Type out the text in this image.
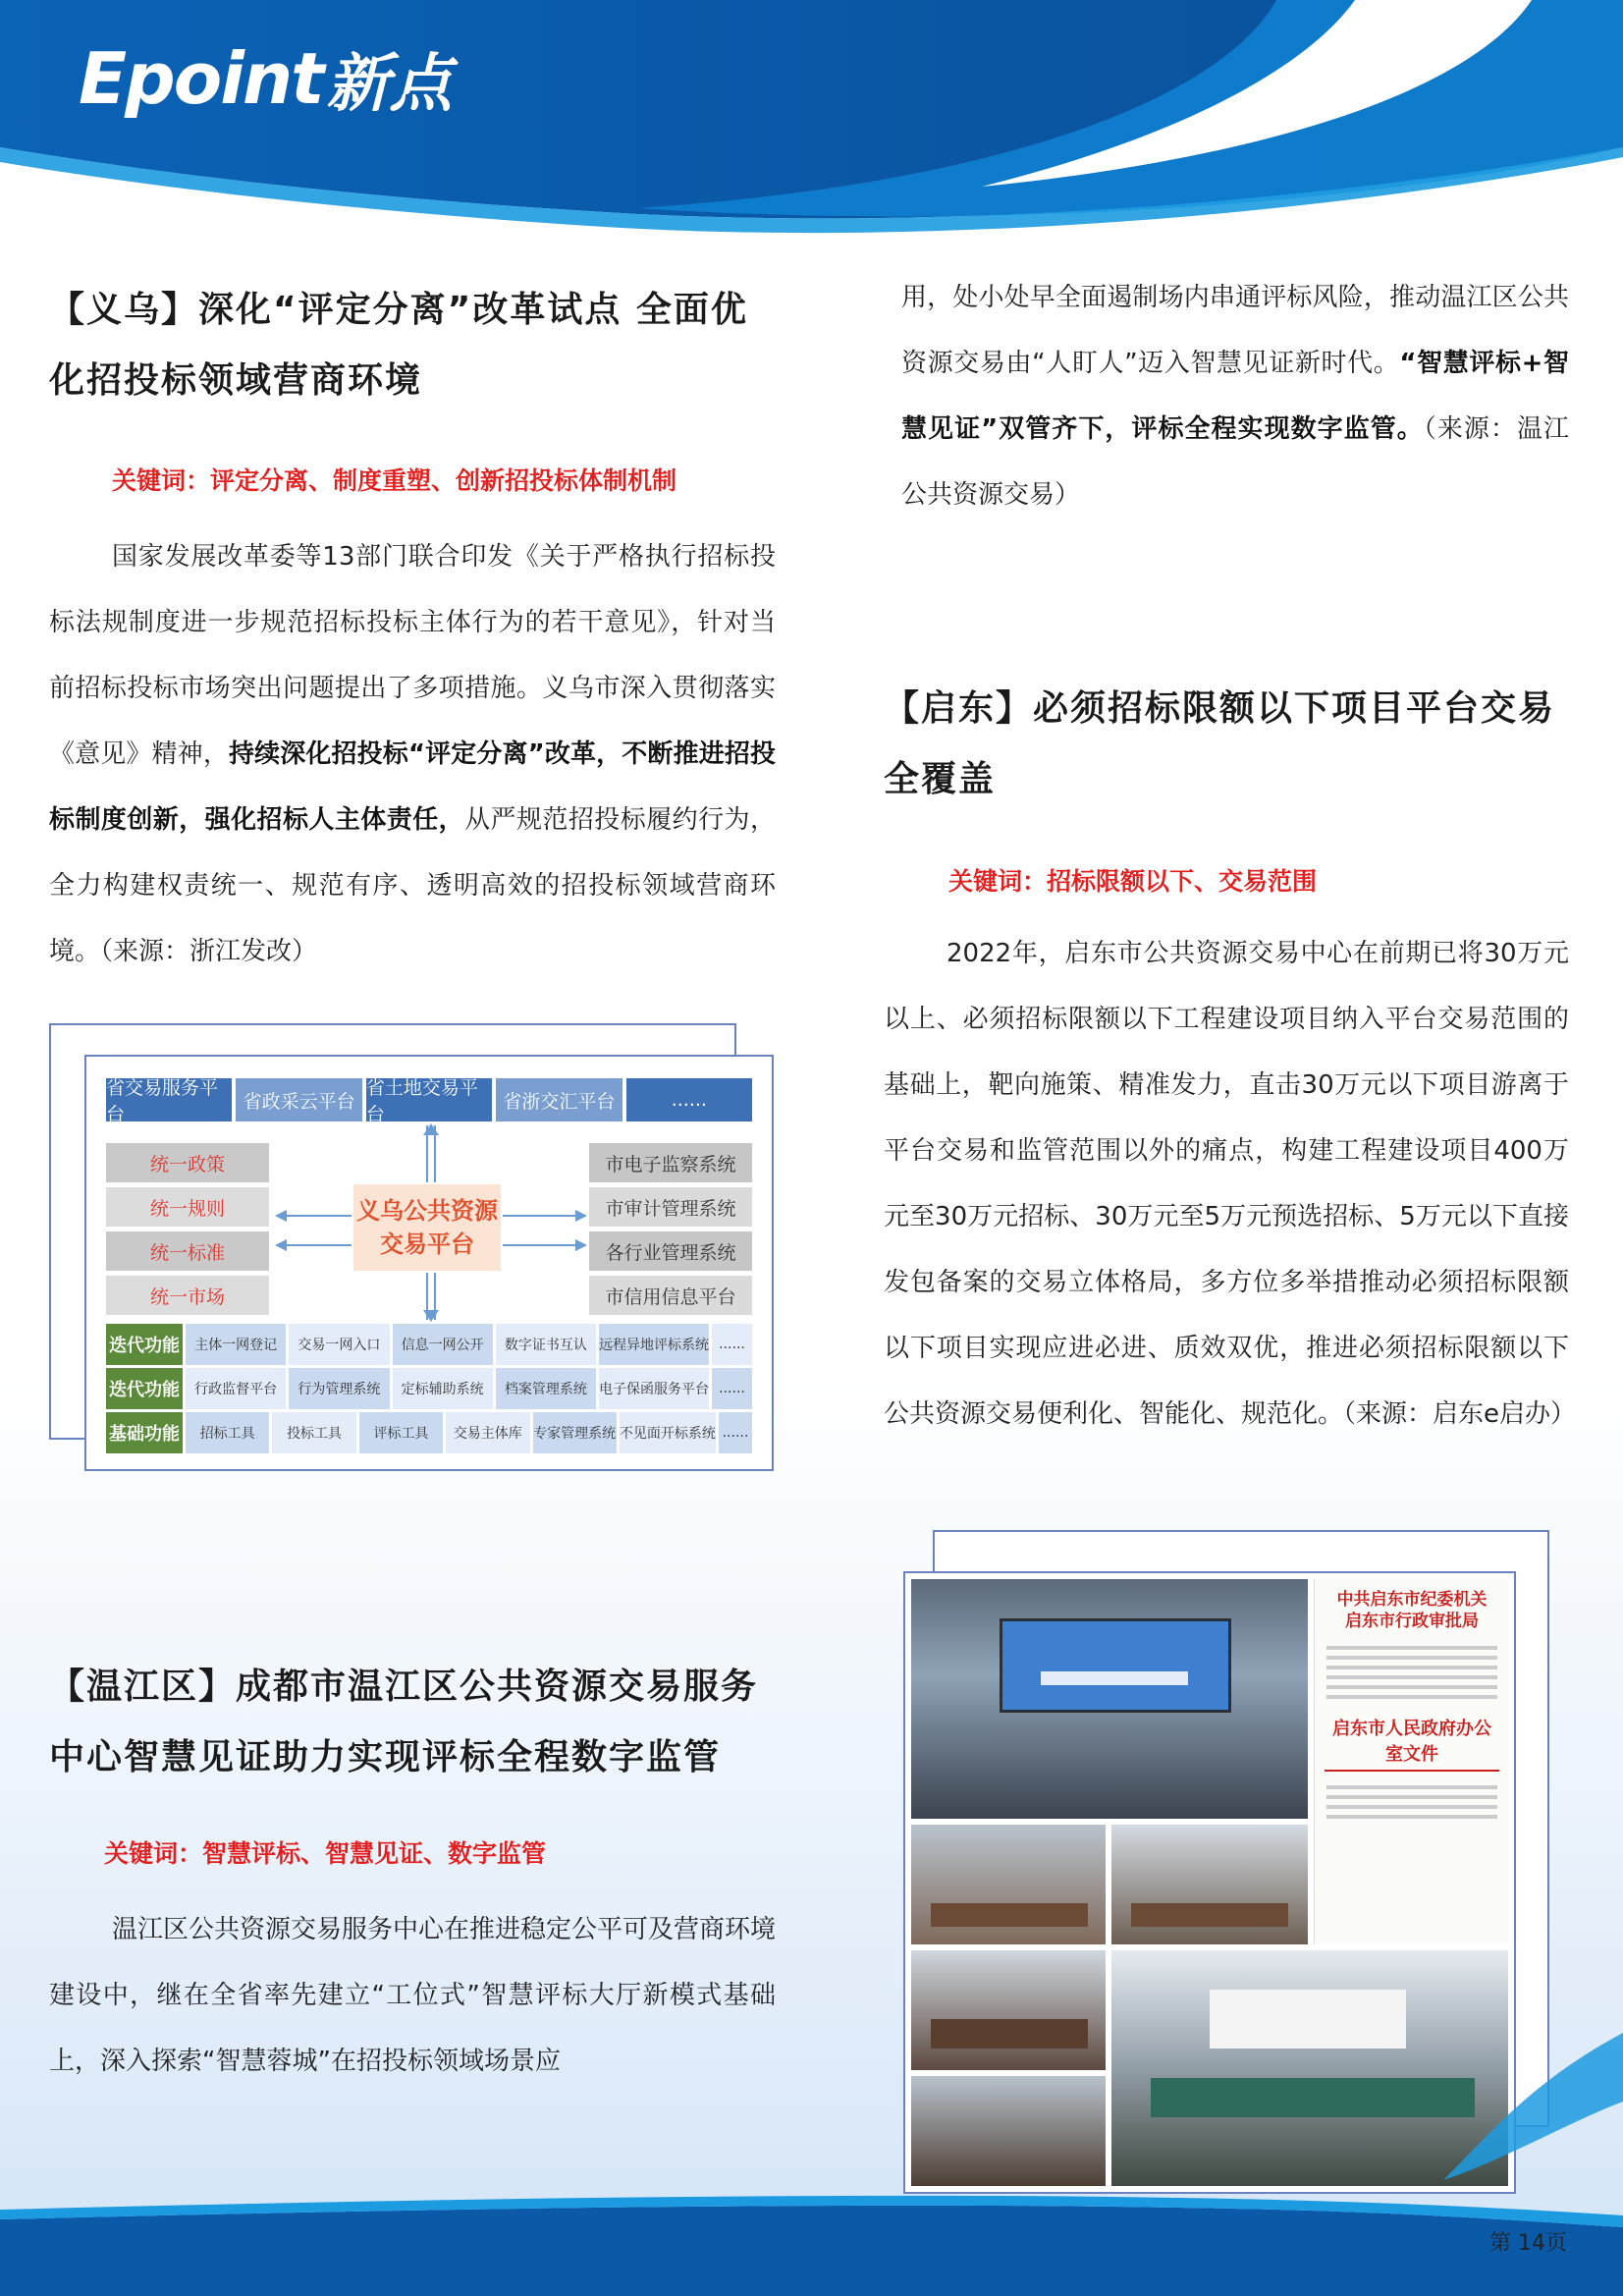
Epoint 新点
【义乌】深化“评定分离”改革试点 全面优化招投标领域营商环境

关键词：评定分离、制度重塑、创新招投标体制机制

国家发展改革委等13部门联合印发《关于严格执行招标投标法规制度进一步规范招标投标主体行为的若干意见》，针对当前招标投标市场突出问题提出了多项措施。义乌市深入贯彻落实《意见》精神，持续深化招投标“评定分离”改革，不断推进招投标制度创新，强化招标人主体责任，从严规范招投标履约行为，全力构建权责统一、规范有序、透明高效的招投标领域营商环境。（来源：浙江发改）

省交易服务平台
省政采云平台
省土地交易平台
省浙交汇平台	......
统一政策
统一规则
统一标准
统一市场
市电子监察系统
市审计管理系统
各行业管理系统
市信用信息平台
义乌公共资源
交易平台
迭代功能	主体一网登记	交易一网入口	信息一网公开	数字证书互认 远程异地评标系统 ......
迭代功能	行政监督平台	行为管理系统	定标辅助系统	档案管理系统 电子保函服务平台 ......
基础功能	招标工具	投标工具	评标工具	交易主体库 专家管理系统 不见面开标系统 ......
【温江区】成都市温江区公共资源交易服务中心智慧见证助力实现评标全程数字监管

关键词：智慧评标、智慧见证、数字监管

温江区公共资源交易服务中心在推进稳定公平可及营商环境建设中，继在全省率先建立“工位式”智慧评标大厅新模式基础上，深入探索“智慧蓉城”在招投标领域场景应

用，处小处早全面遏制场内串通评标风险，推动温江区公共资源交易由“人盯人”迈入智慧见证新时代。“智慧评标+智慧见证”双管齐下，评标全程实现数字监管。（来源：温江公共资源交易）

【启东】必须招标限额以下项目平台交易全覆盖

关键词：招标限额以下、交易范围

2022年，启东市公共资源交易中心在前期已将30万元以上、必须招标限额以下工程建设项目纳入平台交易范围的基础上，靶向施策、精准发力，直击30万元以下项目游离于平台交易和监管范围以外的痛点，构建工程建设项目400万元至30万元招标、30万元至5万元预选招标、5万元以下直接发包备案的交易立体格局，多方位多举措推动必须招标限额以下项目实现应进必进、质效双优，推进必须招标限额以下公共资源交易便利化、智能化、规范化。（来源：启东e启办）

中共启东市纪委机关
启东市行政审批局
启东市人民政府办公室文件
第 14页
